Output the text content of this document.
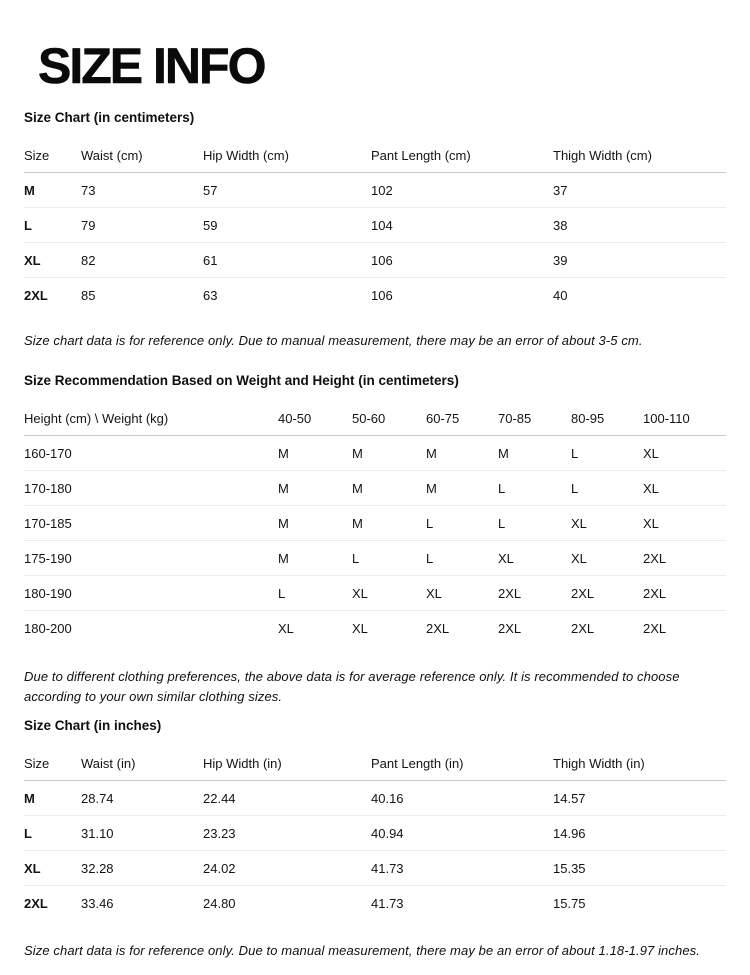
SIZE INFO
Size Chart (in centimeters)
Size	Waist (cm)	Hip Width (cm)	Pant Length (cm)	Thigh Width (cm)
M	73	57	102	37
L	79	59	104	38
XL	82	61	106	39
2XL	85	63	106	40

Size chart data is for reference only. Due to manual measurement, there may be an error of about 3-5 cm.

Size Recommendation Based on Weight and Height (in centimeters)
Height (cm) \ Weight (kg)	40-50	50-60	60-75	70-85	80-95	100-110
160-170	M	M	M	M	L	XL
170-180	M	M	M	L	L	XL
170-185	M	M	L	L	XL	XL
175-190	M	L	L	XL	XL	2XL
180-190	L	XL	XL	2XL	2XL	2XL
180-200	XL	XL	2XL	2XL	2XL	2XL

Due to different clothing preferences, the above data is for average reference only. It is recommended to choose according to your own similar clothing sizes.

Size Chart (in inches)
Size	Waist (in)	Hip Width (in)	Pant Length (in)	Thigh Width (in)
M	28.74	22.44	40.16	14.57
L	31.10	23.23	40.94	14.96
XL	32.28	24.02	41.73	15.35
2XL	33.46	24.80	41.73	15.75

Size chart data is for reference only. Due to manual measurement, there may be an error of about 1.18-1.97 inches.
